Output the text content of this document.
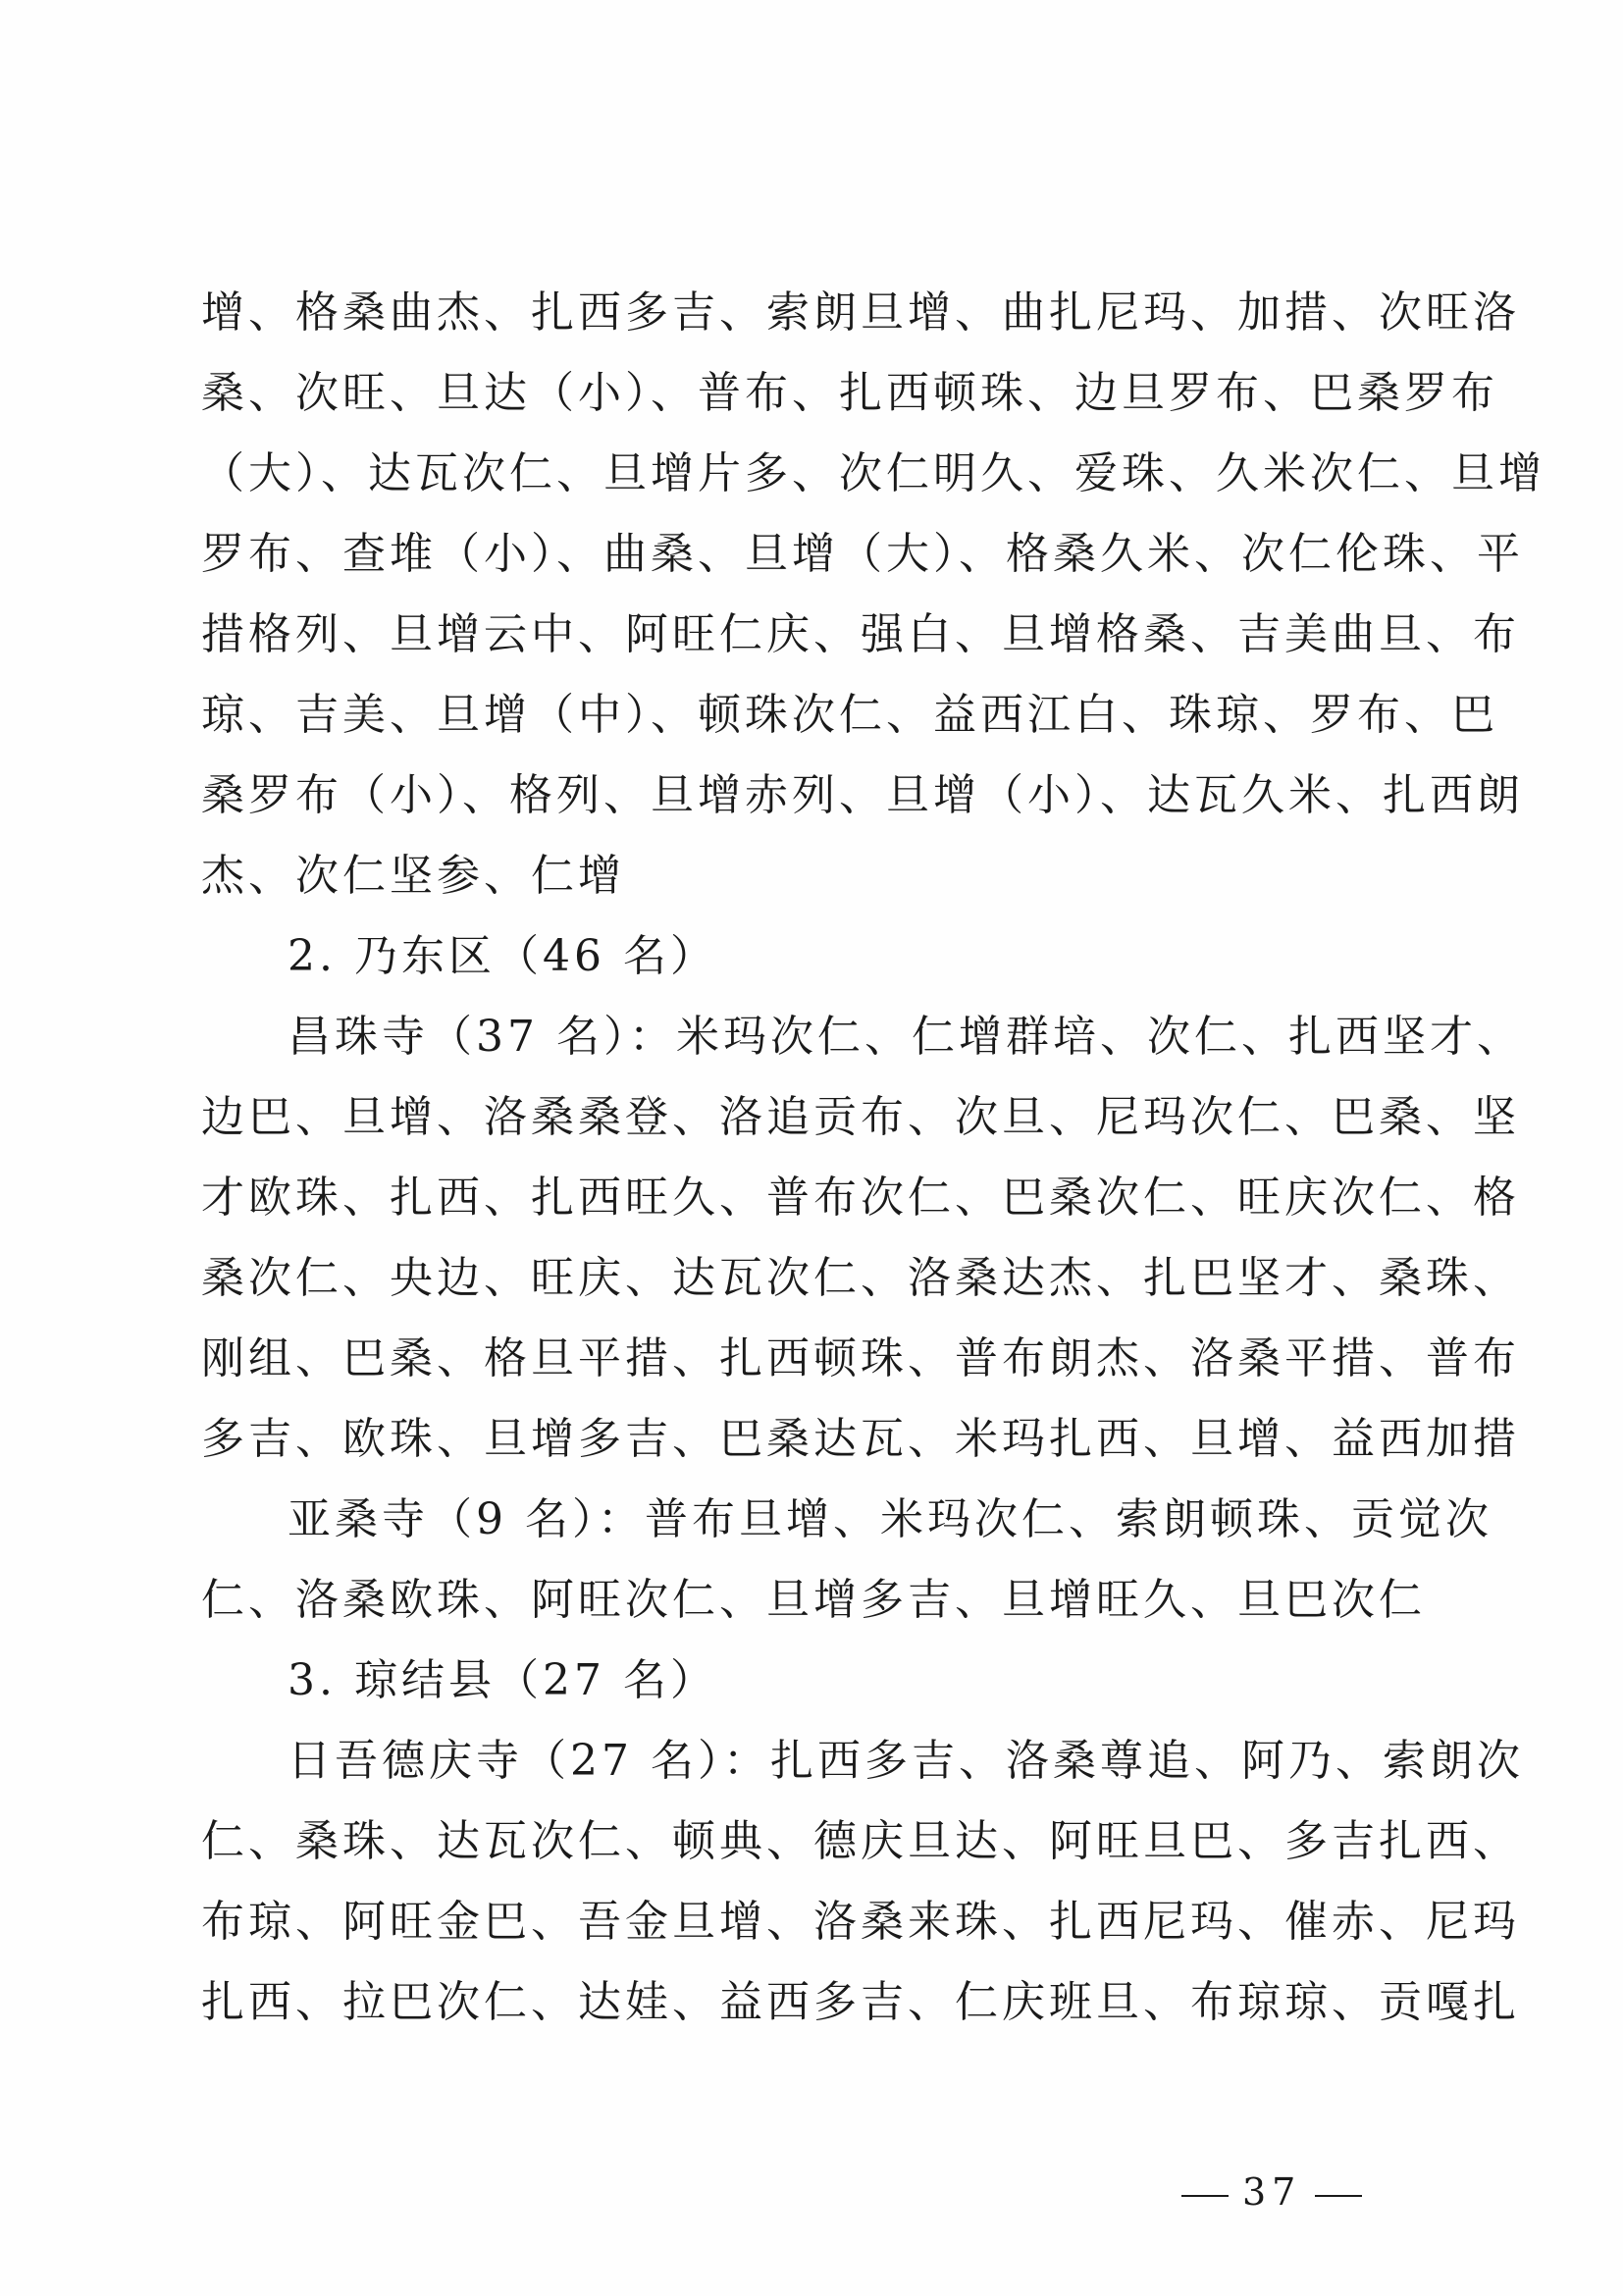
增、格桑曲杰、扎西多吉、索朗旦增、曲扎尼玛、加措、次旺洛
桑、次旺、旦达（小）、普布、扎西顿珠、边旦罗布、巴桑罗布
（大）、达瓦次仁、旦增片多、次仁明久、爱珠、久米次仁、旦增
罗布、查堆（小）、曲桑、旦增（大）、格桑久米、次仁伦珠、平
措格列、旦增云中、阿旺仁庆、强白、旦增格桑、吉美曲旦、布
琼、吉美、旦增（中）、顿珠次仁、益西江白、珠琼、罗布、巴
桑罗布（小）、格列、旦增赤列、旦增（小）、达瓦久米、扎西朗
杰、次仁坚参、仁增
2. 乃东区（46 名）
昌珠寺（37 名）：米玛次仁、仁增群培、次仁、扎西坚才、
边巴、旦增、洛桑桑登、洛追贡布、次旦、尼玛次仁、巴桑、坚
才欧珠、扎西、扎西旺久、普布次仁、巴桑次仁、旺庆次仁、格
桑次仁、央边、旺庆、达瓦次仁、洛桑达杰、扎巴坚才、桑珠、
刚组、巴桑、格旦平措、扎西顿珠、普布朗杰、洛桑平措、普布
多吉、欧珠、旦增多吉、巴桑达瓦、米玛扎西、旦增、益西加措
亚桑寺（9 名）：普布旦增、米玛次仁、索朗顿珠、贡觉次
仁、洛桑欧珠、阿旺次仁、旦增多吉、旦增旺久、旦巴次仁
3. 琼结县（27 名）
日吾德庆寺（27 名）：扎西多吉、洛桑尊追、阿乃、索朗次
仁、桑珠、达瓦次仁、顿典、德庆旦达、阿旺旦巴、多吉扎西、
布琼、阿旺金巴、吾金旦增、洛桑来珠、扎西尼玛、催赤、尼玛
扎西、拉巴次仁、达娃、益西多吉、仁庆班旦、布琼琼、贡嘎扎
37
